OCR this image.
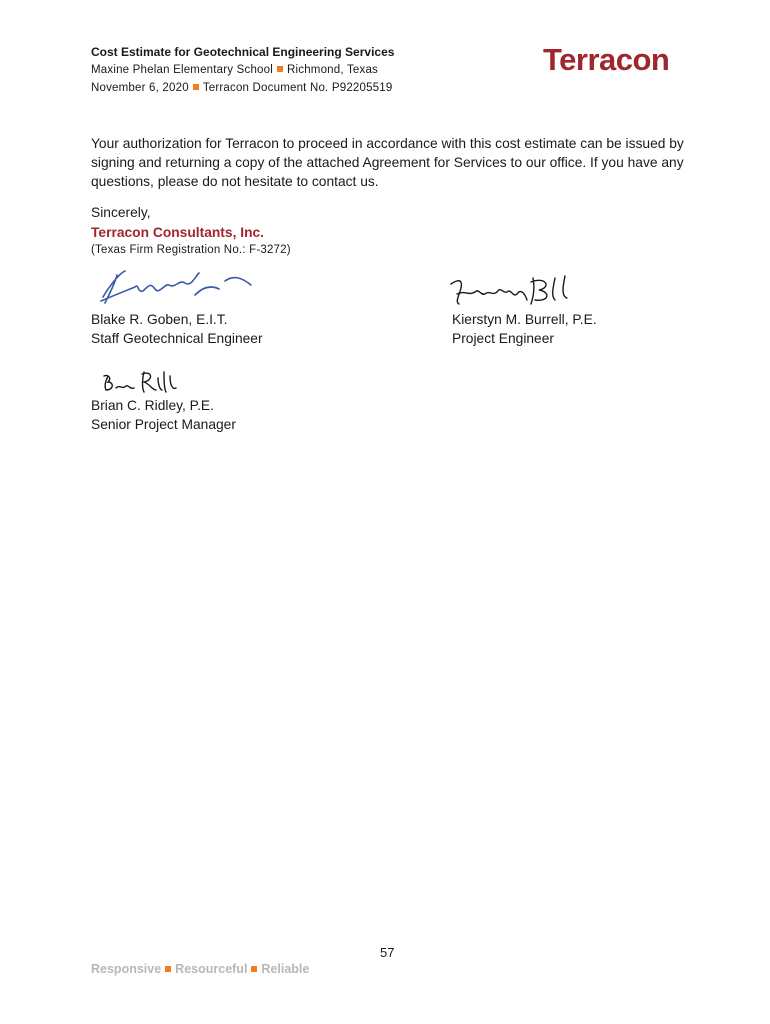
Cost Estimate for Geotechnical Engineering Services
Maxine Phelan Elementary School Richmond, Texas
November 6, 2020 Terracon Document No. P92205519
Terracon
Your authorization for Terracon to proceed in accordance with this cost estimate can be issued by signing and returning a copy of the attached Agreement for Services to our office. If you have any questions, please do not hesitate to contact us.
Sincerely,
Terracon Consultants, Inc.
(Texas Firm Registration No.: F-3272)
Blake R. Goben, E.I.T.
Staff Geotechnical Engineer
Kierstyn M. Burrell, P.E.
Project Engineer
Brian C. Ridley, P.E.
Senior Project Manager
57
Responsive Resourceful Reliable
